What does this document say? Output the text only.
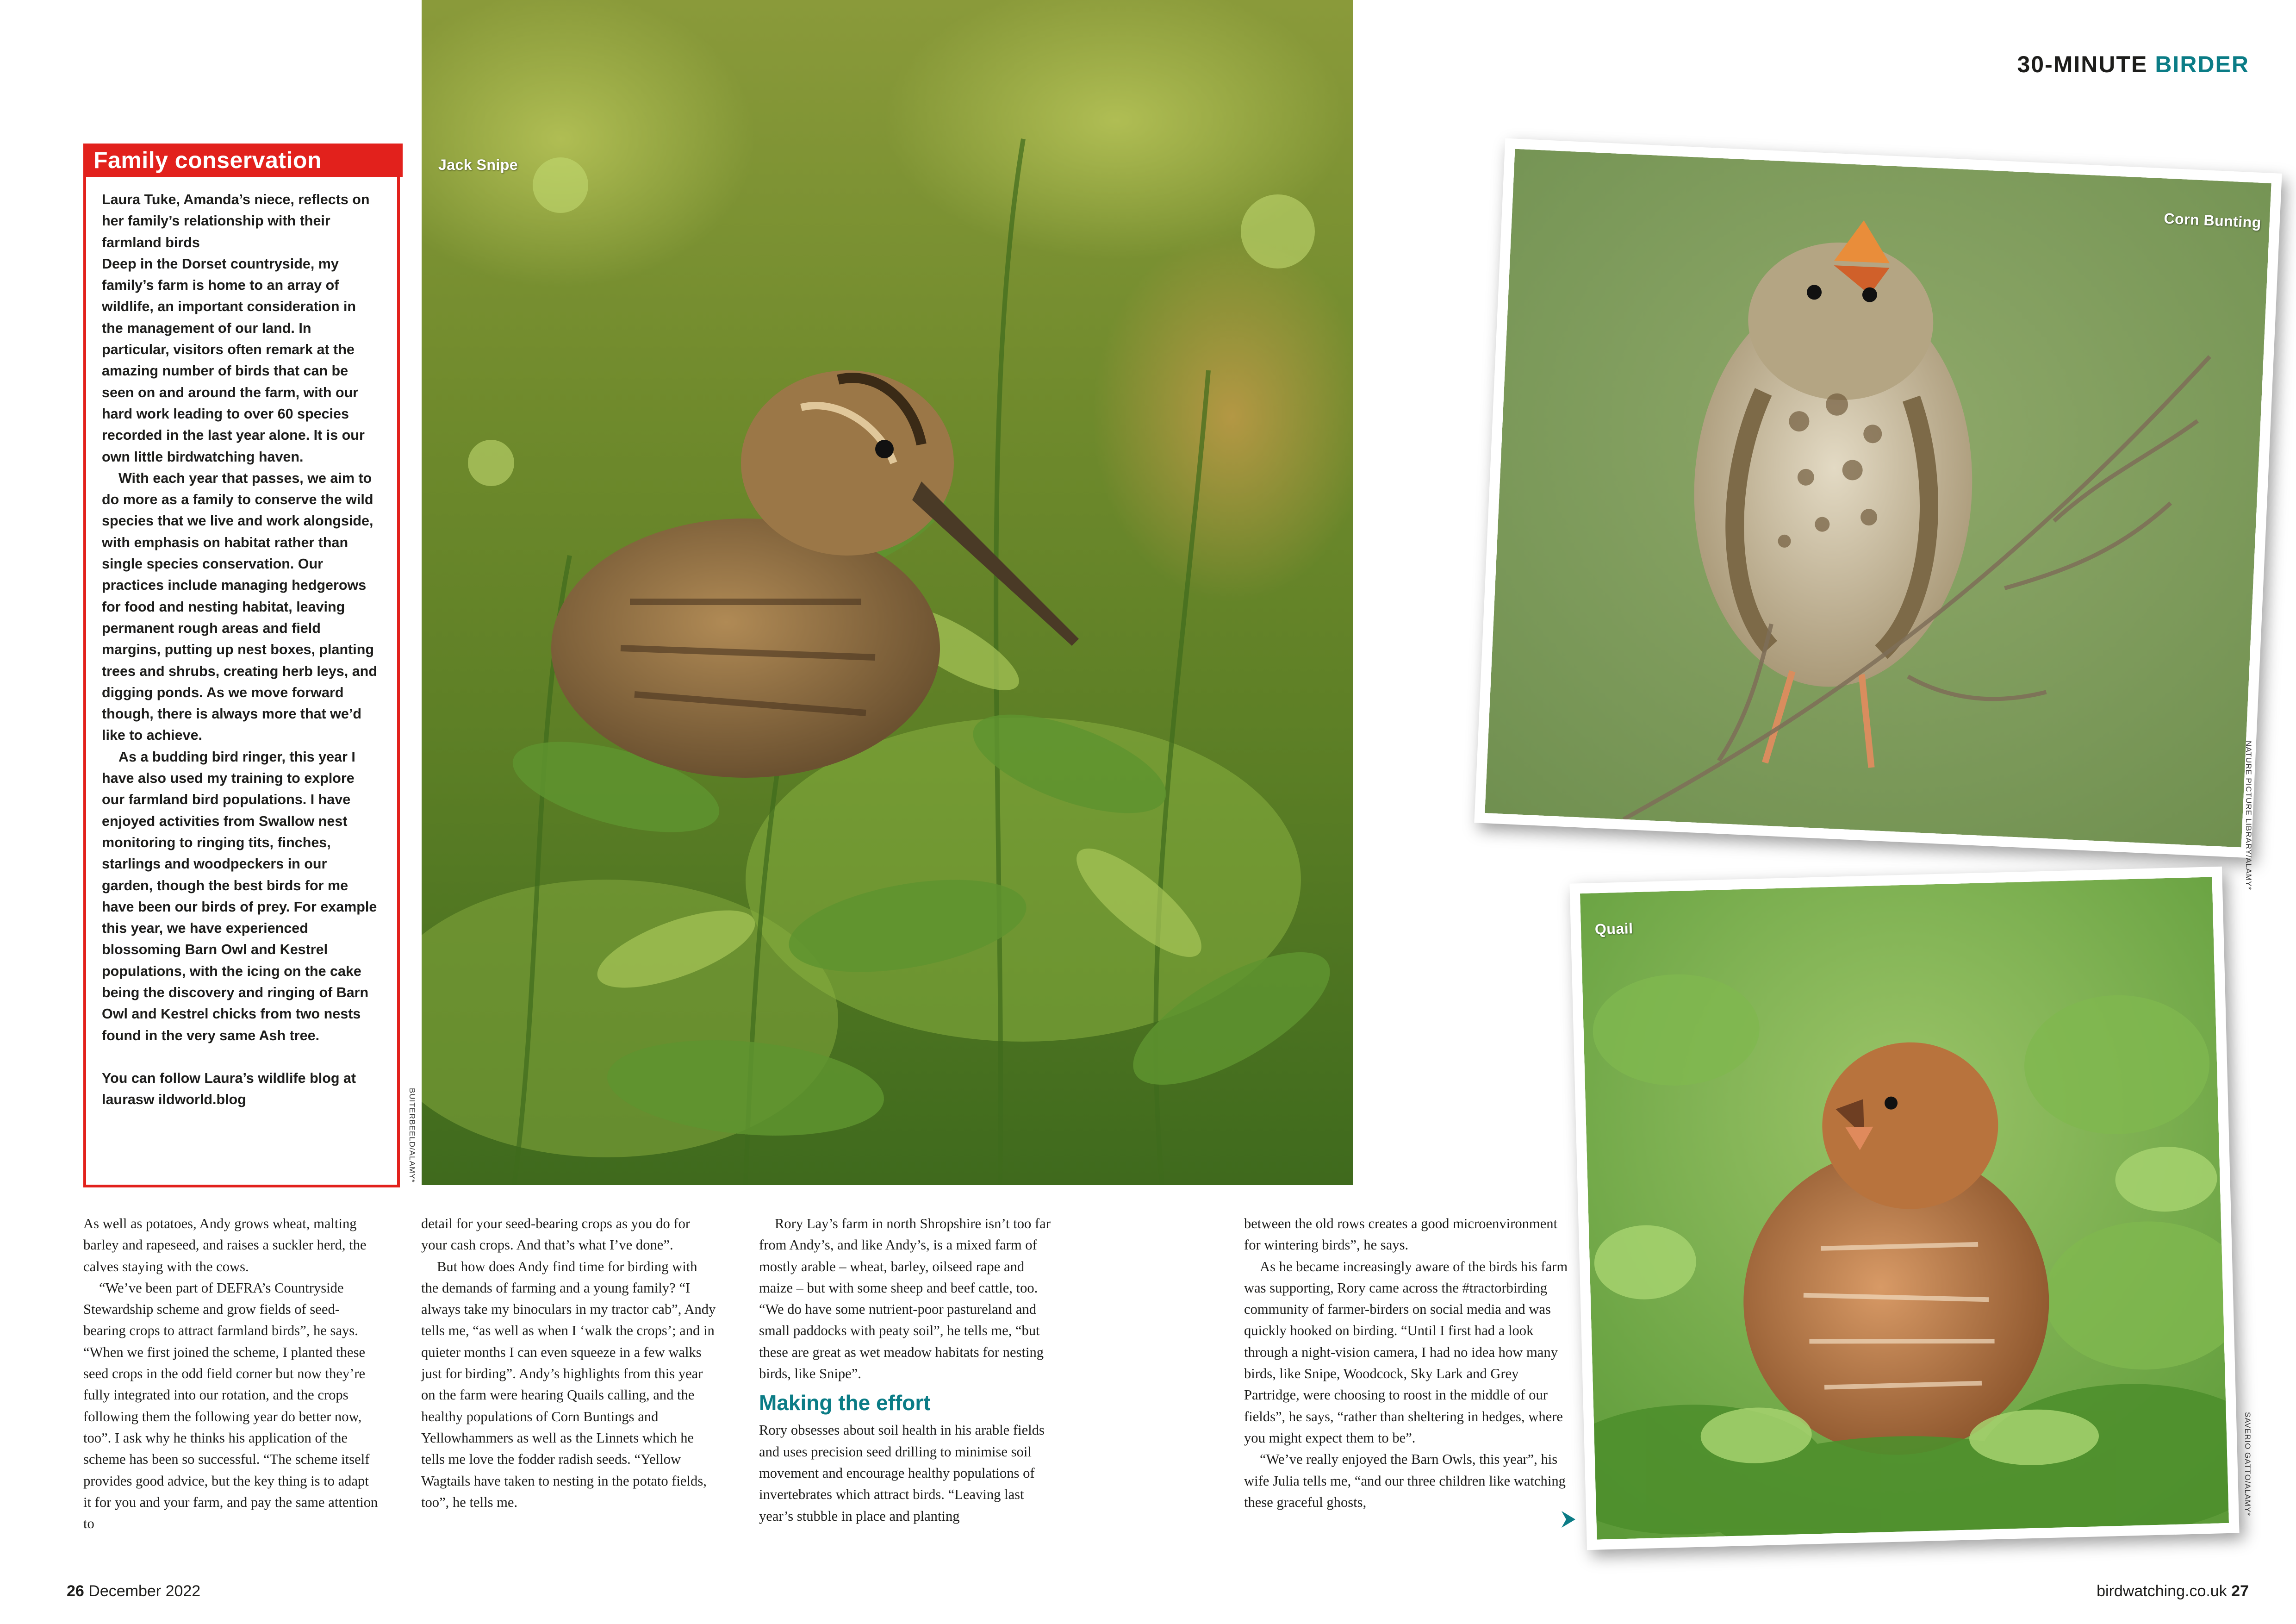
30-MINUTE BIRDER
Jack Snipe
BUITERBEELD/ALAMY*
Corn Bunting
NATURE PICTURE LIBRARY/ALAMY*
Quail
SAVERIO GATTO/ALAMY*
Family conservation

Laura Tuke, Amanda’s niece, reflects on her family’s relationship with their farmland birds

Deep in the Dorset countryside, my family’s farm is home to an array of wildlife, an important consideration in the management of our land. In particular, visitors often remark at the amazing number of birds that can be seen on and around the farm, with our hard work leading to over 60 species recorded in the last year alone. It is our own little birdwatching haven.

With each year that passes, we aim to do more as a family to conserve the wild species that we live and work alongside, with emphasis on habitat rather than single species conservation. Our practices include managing hedgerows for food and nesting habitat, leaving permanent rough areas and field margins, putting up nest boxes, planting trees and shrubs, creating herb leys, and digging ponds. As we move forward though, there is always more that we’d like to achieve.

As a budding bird ringer, this year I have also used my training to explore our farmland bird populations. I have enjoyed activities from Swallow nest monitoring to ringing tits, finches, starlings and woodpeckers in our garden, though the best birds for me have been our birds of prey. For example this year, we have experienced blossoming Barn Owl and Kestrel populations, with the icing on the cake being the discovery and ringing of Barn Owl and Kestrel chicks from two nests found in the very same Ash tree.

You can follow Laura’s wildlife blog at laurasw ildworld.blog

As well as potatoes, Andy grows wheat, malting barley and rapeseed, and raises a suckler herd, the calves staying with the cows.

“We’ve been part of DEFRA’s Countryside Stewardship scheme and grow fields of seed-bearing crops to attract farmland birds”, he says. “When we first joined the scheme, I planted these seed crops in the odd field corner but now they’re fully integrated into our rotation, and the crops following them the following year do better now, too”. I ask why he thinks his application of the scheme has been so successful. “The scheme itself provides good advice, but the key thing is to adapt it for you and your farm, and pay the same attention to

detail for your seed-bearing crops as you do for your cash crops. And that’s what I’ve done”.

But how does Andy find time for birding with the demands of farming and a young family? “I always take my binoculars in my tractor cab”, Andy tells me, “as well as when I ‘walk the crops’; and in quieter months I can even squeeze in a few walks just for birding”. Andy’s highlights from this year on the farm were hearing Quails calling, and the healthy populations of Corn Buntings and Yellowhammers as well as the Linnets which he tells me love the fodder radish seeds. “Yellow Wagtails have taken to nesting in the potato fields, too”, he tells me.

Rory Lay’s farm in north Shropshire isn’t too far from Andy’s, and like Andy’s, is a mixed farm of mostly arable – wheat, barley, oilseed rape and maize – but with some sheep and beef cattle, too. “We do have some nutrient-poor pastureland and small paddocks with peaty soil”, he tells me, “but these are great as wet meadow habitats for nesting birds, like Snipe”.

Making the effort

Rory obsesses about soil health in his arable fields and uses precision seed drilling to minimise soil movement and encourage healthy populations of invertebrates which attract birds. “Leaving last year’s stubble in place and planting

between the old rows creates a good microenvironment for wintering birds”, he says.

As he became increasingly aware of the birds his farm was supporting, Rory came across the #tractorbirding community of farmer-birders on social media and was quickly hooked on birding. “Until I first had a look through a night-vision camera, I had no idea how many birds, like Snipe, Woodcock, Sky Lark and Grey Partridge, were choosing to roost in the middle of our fields”, he says, “rather than sheltering in hedges, where you might expect them to be”.

“We’ve really enjoyed the Barn Owls, this year”, his wife Julia tells me, “and our three children like watching these graceful ghosts,

26 December 2022	birdwatching.co.uk 27
